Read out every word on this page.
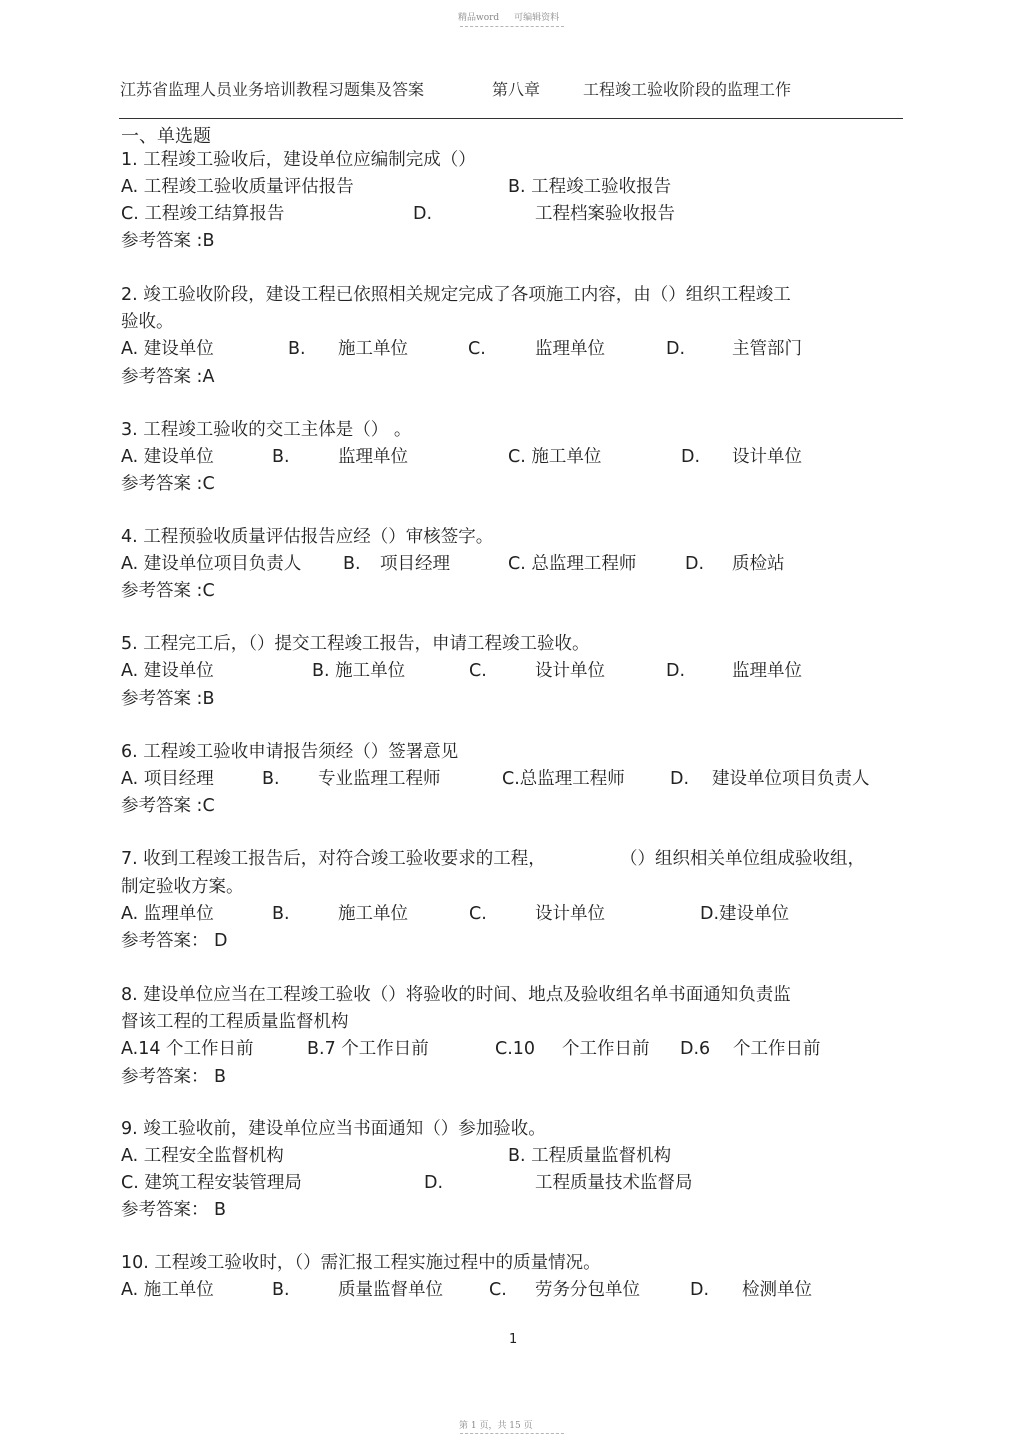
精品word 可编辑资料
江苏省监理人员业务培训教程习题集及答案	第八章	工程竣工验收阶段的监理工作
一、单选题
1. 工程竣工验收后，建设单位应编制完成（）
A. 工程竣工验收质量评估报告	B. 工程竣工验收报告
C. 工程竣工结算报告	D.	工程档案验收报告
参考答案 :B
2. 竣工验收阶段，建设工程已依照相关规定完成了各项施工内容，由（）组织工程竣工
验收。
A. 建设单位	B. 施工单位	C.	监理单位	D.	主管部门
参考答案 :A
3. 工程竣工验收的交工主体是（） 。
A. 建设单位	B.	监理单位	C. 施工单位	D. 设计单位
参考答案 :C
4. 工程预验收质量评估报告应经（）审核签字。
A. 建设单位项目负责人 B. 项目经理	C. 总监理工程师	D. 质检站
参考答案 :C
5. 工程完工后，（）提交工程竣工报告，申请工程竣工验收。
A. 建设单位	B. 施工单位	C.	设计单位	D.	监理单位
参考答案 :B
6. 工程竣工验收申请报告须经（）签署意见
A. 项目经理	B. 专业监理工程师	C.总监理工程师	D. 建设单位项目负责人
参考答案 :C
7. 收到工程竣工报告后，对符合竣工验收要求的工程，	（）组织相关单位组成验收组，
制定验收方案。
A. 监理单位	B.	施工单位	C.	设计单位	D.建设单位
参考答案： D
8. 建设单位应当在工程竣工验收（）将验收的时间、地点及验收组名单书面通知负责监
督该工程的工程质量监督机构
A.14 个工作日前	B.7 个工作日前	C.10 个工作日前 D.6 个工作日前
参考答案： B
9. 竣工验收前，建设单位应当书面通知（）参加验收。
A. 工程安全监督机构	B. 工程质量监督机构
C. 建筑工程安装管理局	D.	工程质量技术监督局
参考答案： B
10. 工程竣工验收时，（）需汇报工程实施过程中的质量情况。
A. 施工单位	B.	质量监督单位	C. 劳务分包单位	D. 检测单位
1
第 1 页，共 15 页
